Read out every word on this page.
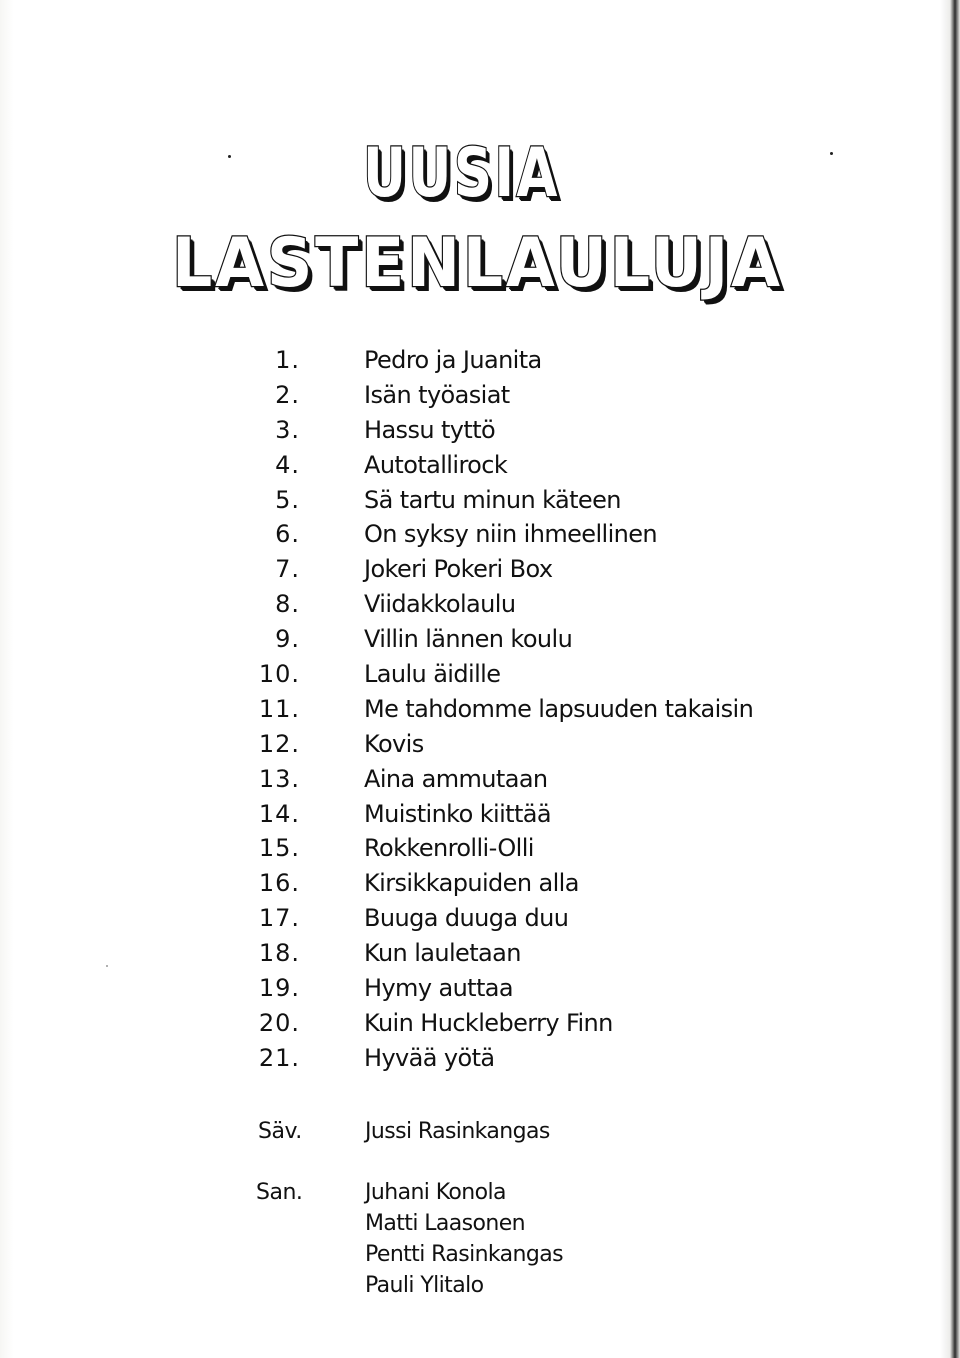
UUSIA
LASTENLAULUJA
1.	Pedro ja Juanita
2.	Isän työasiat
3.	Hassu tyttö
4.	Autotallirock
5.	Sä tartu minun käteen
6.	On syksy niin ihmeellinen
7.	Jokeri Pokeri Box
8.	Viidakkolaulu
9.	Villin lännen koulu
10.	Laulu äidille
11.	Me tahdomme lapsuuden takaisin
12.	Kovis
13.	Aina ammutaan
14.	Muistinko kiittää
15.	Rokkenrolli-Olli
16.	Kirsikkapuiden alla
17.	Buuga duuga duu
18.	Kun lauletaan
19.	Hymy auttaa
20.	Kuin Huckleberry Finn
21.	Hyvää yötä
Säv.	Jussi Rasinkangas
San.	Juhani Konola
Matti Laasonen
Pentti Rasinkangas
Pauli Ylitalo
